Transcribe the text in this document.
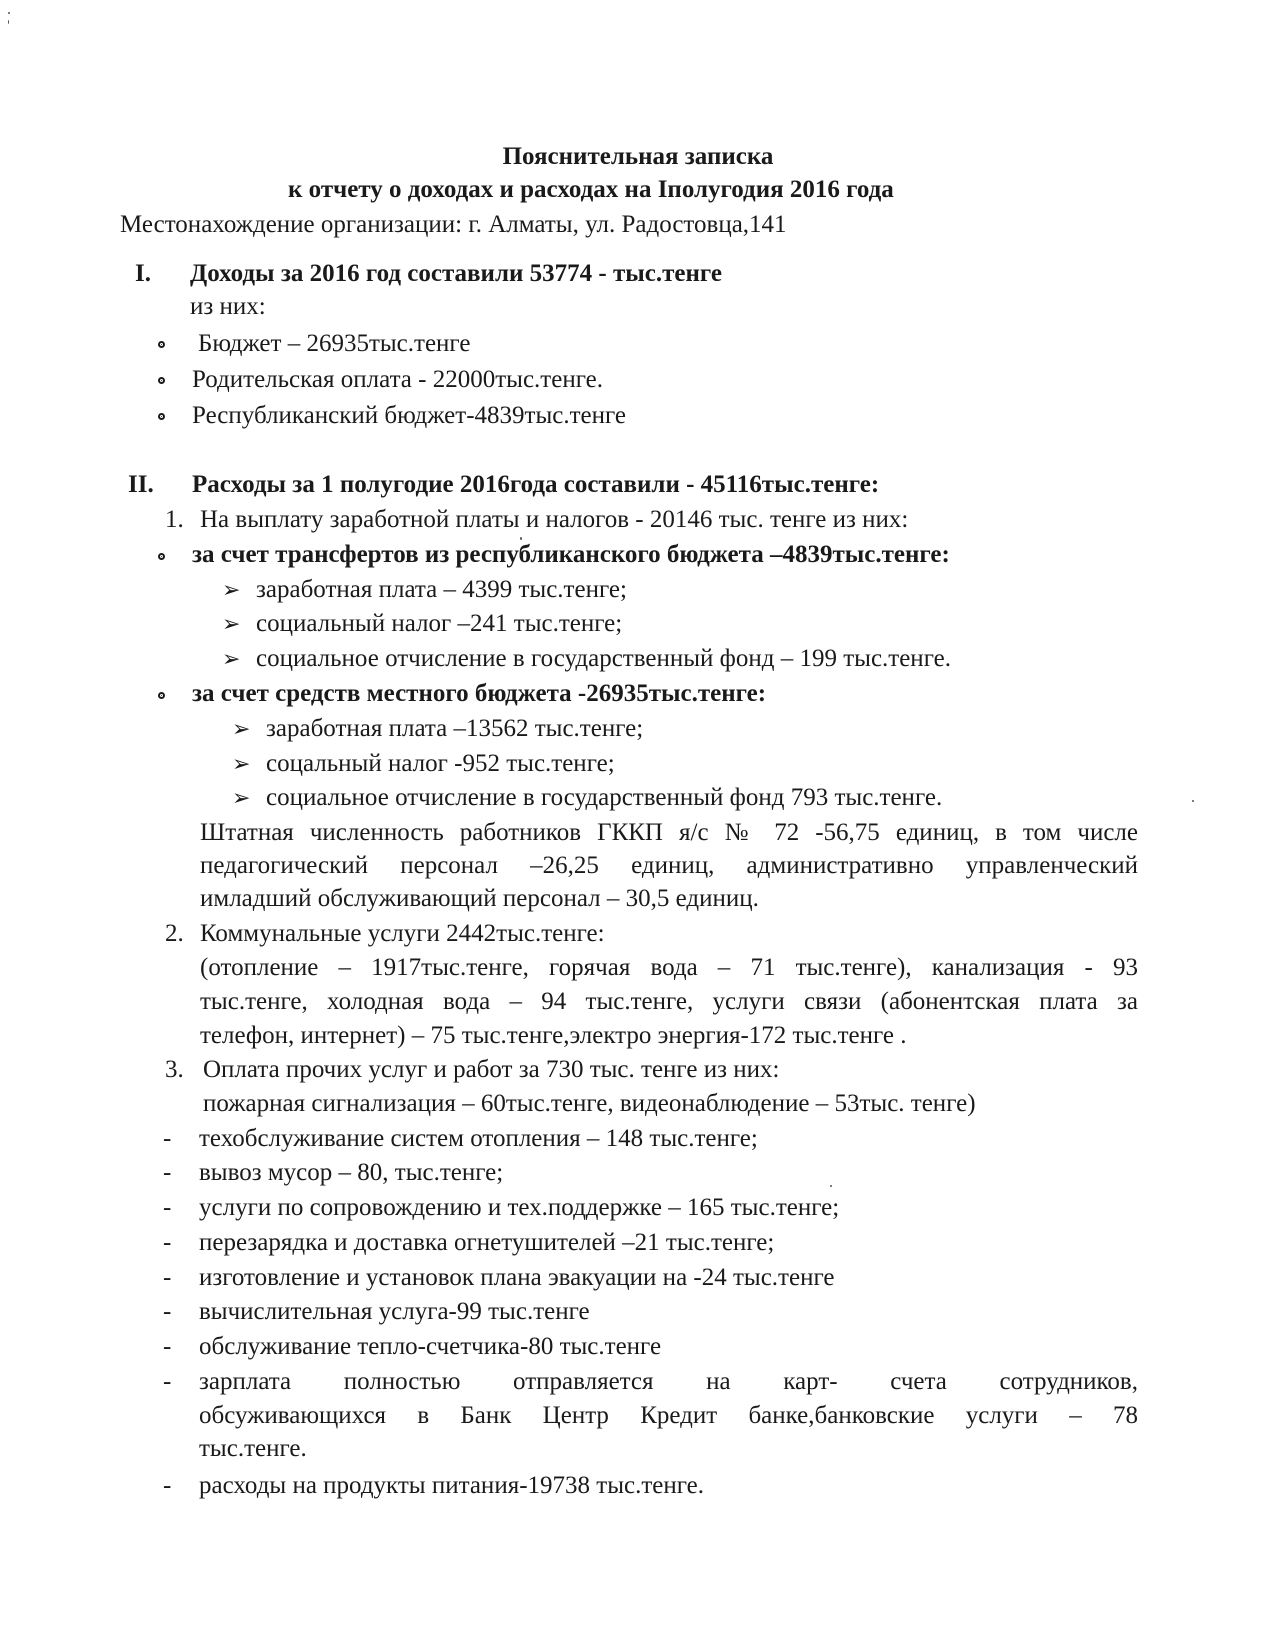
Пояснительная записка
к отчету о доходах и расходах на Iполугодия 2016 года
Местонахождение организации: г. Алматы, ул. Радостовца,141
I. Доходы за 2016 год составили 53774 - тыс.тенге
из них:
Бюджет – 26935тыс.тенге
Родительская оплата - 22000тыс.тенге.
Республиканский бюджет-4839тыс.тенге
II. Расходы за 1 полугодие 2016года составили - 45116тыс.тенге:
1. На выплату заработной платы и налогов - 20146 тыс. тенге из них:
за счет трансфертов из республиканского бюджета –4839тыс.тенге:
➢ заработная плата – 4399 тыс.тенге;
➢ социальный налог –241 тыс.тенге;
➢ социальное отчисление в государственный фонд – 199 тыс.тенге.
за счет средств местного бюджета -26935тыс.тенге:
➢ заработная плата –13562 тыс.тенге;
➢ соцальный налог -952 тыс.тенге;
➢ социальное отчисление в государственный фонд 793 тыс.тенге.
Штатная численность работников ГККП я/с № 72 -56,75 единиц, в том числе
педагогический персонал –26,25 единиц, административно управленческий
имладший обслуживающий персонал – 30,5 единиц.
2. Коммунальные услуги 2442тыс.тенге:
(отопление – 1917тыс.тенге, горячая вода – 71 тыс.тенге), канализация - 93
тыс.тенге, холодная вода – 94 тыс.тенге, услуги связи (абонентская плата за
телефон, интернет) – 75 тыс.тенге,электро энергия-172 тыс.тенге .
3. Оплата прочих услуг и работ за 730 тыс. тенге из них:
пожарная сигнализация – 60тыс.тенге, видеонаблюдение – 53тыс. тенге)
- техобслуживание систем отопления – 148 тыс.тенге;
- вывоз мусор – 80, тыс.тенге;
- услуги по сопровождению и тех.поддержке – 165 тыс.тенге;
- перезарядка и доставка огнетушителей –21 тыс.тенге;
- изготовление и установок плана эвакуации на -24 тыс.тенге
- вычислительная услуга-99 тыс.тенге
- обслуживание тепло-счетчика-80 тыс.тенге
- зарплата полностью отправляется на карт- счета сотрудников,
обсуживающихся в Банк Центр Кредит банке,банковские услуги – 78
тыс.тенге.
- расходы на продукты питания-19738 тыс.тенге.
